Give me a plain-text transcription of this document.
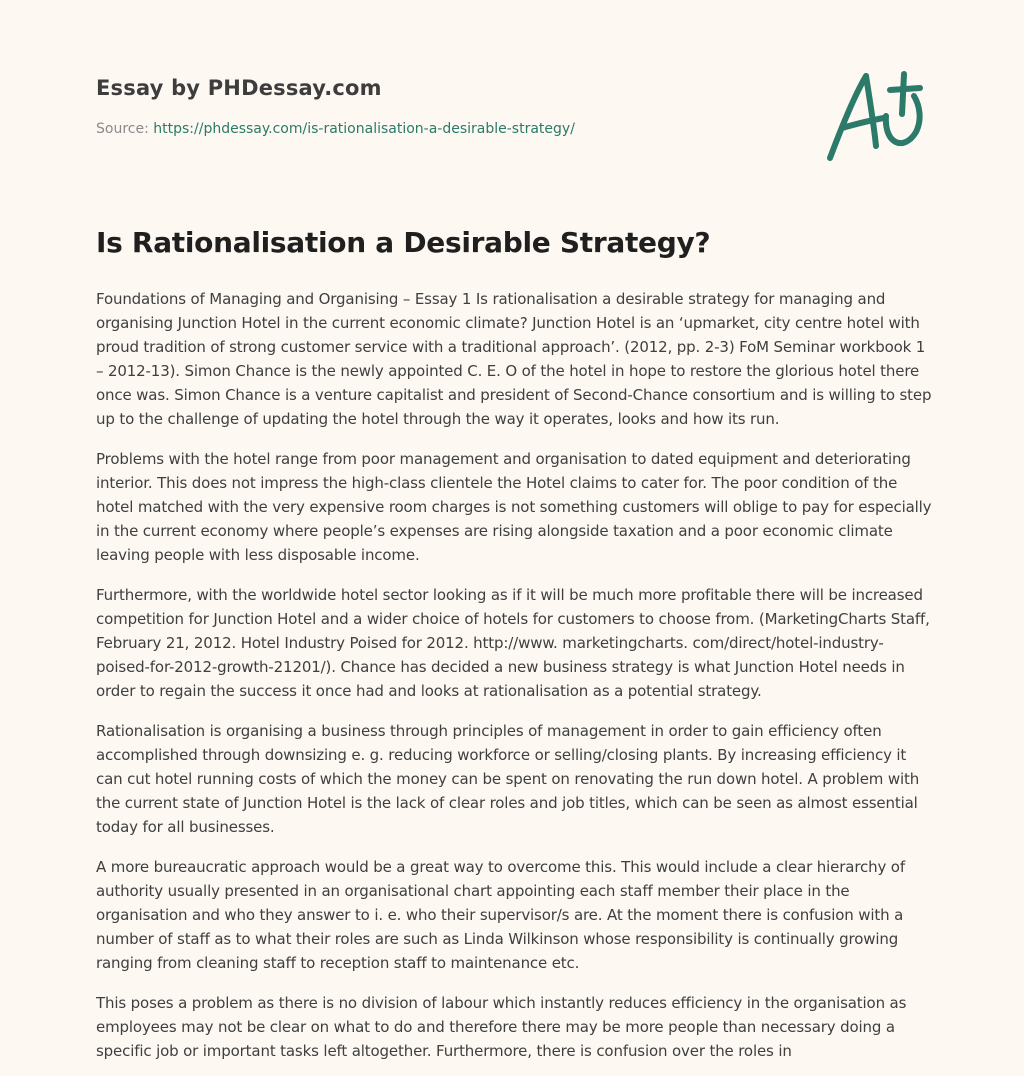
Essay by PHDessay.com
Source: https://phdessay.com/is-rationalisation-a-desirable-strategy/
Is Rationalisation a Desirable Strategy?

Foundations of Managing and Organising – Essay 1 Is rationalisation a desirable strategy for managing and organising Junction Hotel in the current economic climate? Junction Hotel is an ‘upmarket, city centre hotel with proud tradition of strong customer service with a traditional approach’. (2012, pp. 2-3) FoM Seminar workbook 1 – 2012-13). Simon Chance is the newly appointed C. E. O of the hotel in hope to restore the glorious hotel there once was. Simon Chance is a venture capitalist and president of Second-Chance consortium and is willing to step up to the challenge of updating the hotel through the way it operates, looks and how its run.

Problems with the hotel range from poor management and organisation to dated equipment and deteriorating interior. This does not impress the high-class clientele the Hotel claims to cater for. The poor condition of the hotel matched with the very expensive room charges is not something customers will oblige to pay for especially in the current economy where people’s expenses are rising alongside taxation and a poor economic climate leaving people with less disposable income.

Furthermore, with the worldwide hotel sector looking as if it will be much more profitable there will be increased competition for Junction Hotel and a wider choice of hotels for customers to choose from. (MarketingCharts Staff, February 21, 2012. Hotel Industry Poised for 2012. http://www. marketingcharts. com/direct/hotel-industry-poised-for-2012-growth-21201/). Chance has decided a new business strategy is what Junction Hotel needs in order to regain the success it once had and looks at rationalisation as a potential strategy.

Rationalisation is organising a business through principles of management in order to gain efficiency often accomplished through downsizing e. g. reducing workforce or selling/closing plants. By increasing efficiency it can cut hotel running costs of which the money can be spent on renovating the run down hotel. A problem with the current state of Junction Hotel is the lack of clear roles and job titles, which can be seen as almost essential today for all businesses.

A more bureaucratic approach would be a great way to overcome this. This would include a clear hierarchy of authority usually presented in an organisational chart appointing each staff member their place in the organisation and who they answer to i. e. who their supervisor/s are. At the moment there is confusion with a number of staff as to what their roles are such as Linda Wilkinson whose responsibility is continually growing ranging from cleaning staff to reception staff to maintenance etc.

This poses a problem as there is no division of labour which instantly reduces efficiency in the organisation as employees may not be clear on what to do and therefore there may be more people than necessary doing a specific job or important tasks left altogether. Furthermore, there is confusion over the roles in
